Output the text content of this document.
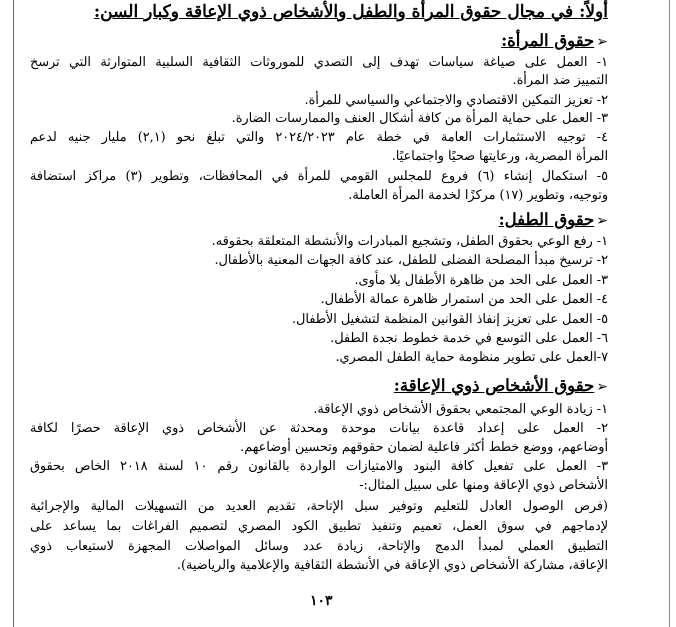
أولاً: في مجال حقوق المرأة والطفل والأشخاص ذوي الإعاقة وكبار السن:
➢حقوق المرأة:
١- العمل على صياغة سياسات تهدف إلى التصدي للموروثات الثقافية السلبية المتوارثة التي ترسخ
التمييز ضد المرأة.
٢- تعزيز التمكين الاقتصادي والاجتماعي والسياسي للمرأة.
٣- العمل على حماية المرأة من كافة أشكال العنف والممارسات الضارة.
٤- توجيه الاستثمارات العامة في خطة عام ٢٠٢٤/٢٠٢٣ والتي تبلغ نحو (٢,١) مليار جنيه لدعم
المرأة المصرية، ورعايتها صحيًا واجتماعيًا.
٥- استكمال إنشاء (٦) فروع للمجلس القومي للمرأة في المحافظات، وتطوير (٣) مراكز استضافة
وتوجيه، وتطوير (١٧) مركزًا لخدمة المرأة العاملة.
➢حقوق الطفل:
١- رفع الوعي بحقوق الطفل، وتشجيع المبادرات والأنشطة المتعلقة بحقوقه.
٢- ترسيخ مبدأ المصلحة الفضلى للطفل، عند كافة الجهات المعنية بالأطفال.
٣- العمل على الحد من ظاهرة الأطفال بلا مأوى.
٤- العمل على الحد من استمرار ظاهرة عمالة الأطفال.
٥- العمل على تعزيز إنفاذ القوانين المنظمة لتشغيل الأطفال.
٦- العمل على التوسع في خدمة خطوط نجدة الطفل.
٧-العمل على تطوير منظومة حماية الطفل المصري.
➢حقوق الأشخاص ذوي الإعاقة:
١- زيادة الوعي المجتمعي بحقوق الأشخاص ذوي الإعاقة.
٢- العمل على إعداد قاعدة بيانات موحدة ومحدثة عن الأشخاص ذوي الإعاقة حصرًا لكافة
أوضاعهم، ووضع خطط أكثر فاعلية لضمان حقوقهم وتحسين أوضاعهم.
٣- العمل على تفعيل كافة البنود والامتيازات الواردة بالقانون رقم ١٠ لسنة ٢٠١٨ الخاص بحقوق
الأشخاص ذوي الإعاقة ومنها على سبيل المثال:-
(فرص الوصول العادل للتعليم وتوفير سبل الإتاحة، تقديم العديد من التسهيلات المالية والإجرائية
لإدماجهم في سوق العمل، تعميم وتنفيذ تطبيق الكود المصري لتصميم الفراغات بما يساعد على
التطبيق العملي لمبدأ الدمج والإتاحة، زيادة عدد وسائل المواصلات المجهزة لاستيعاب ذوي
الإعاقة، مشاركة الأشخاص ذوي الإعاقة في الأنشطة الثقافية والإعلامية والرياضية).
١٠٣
